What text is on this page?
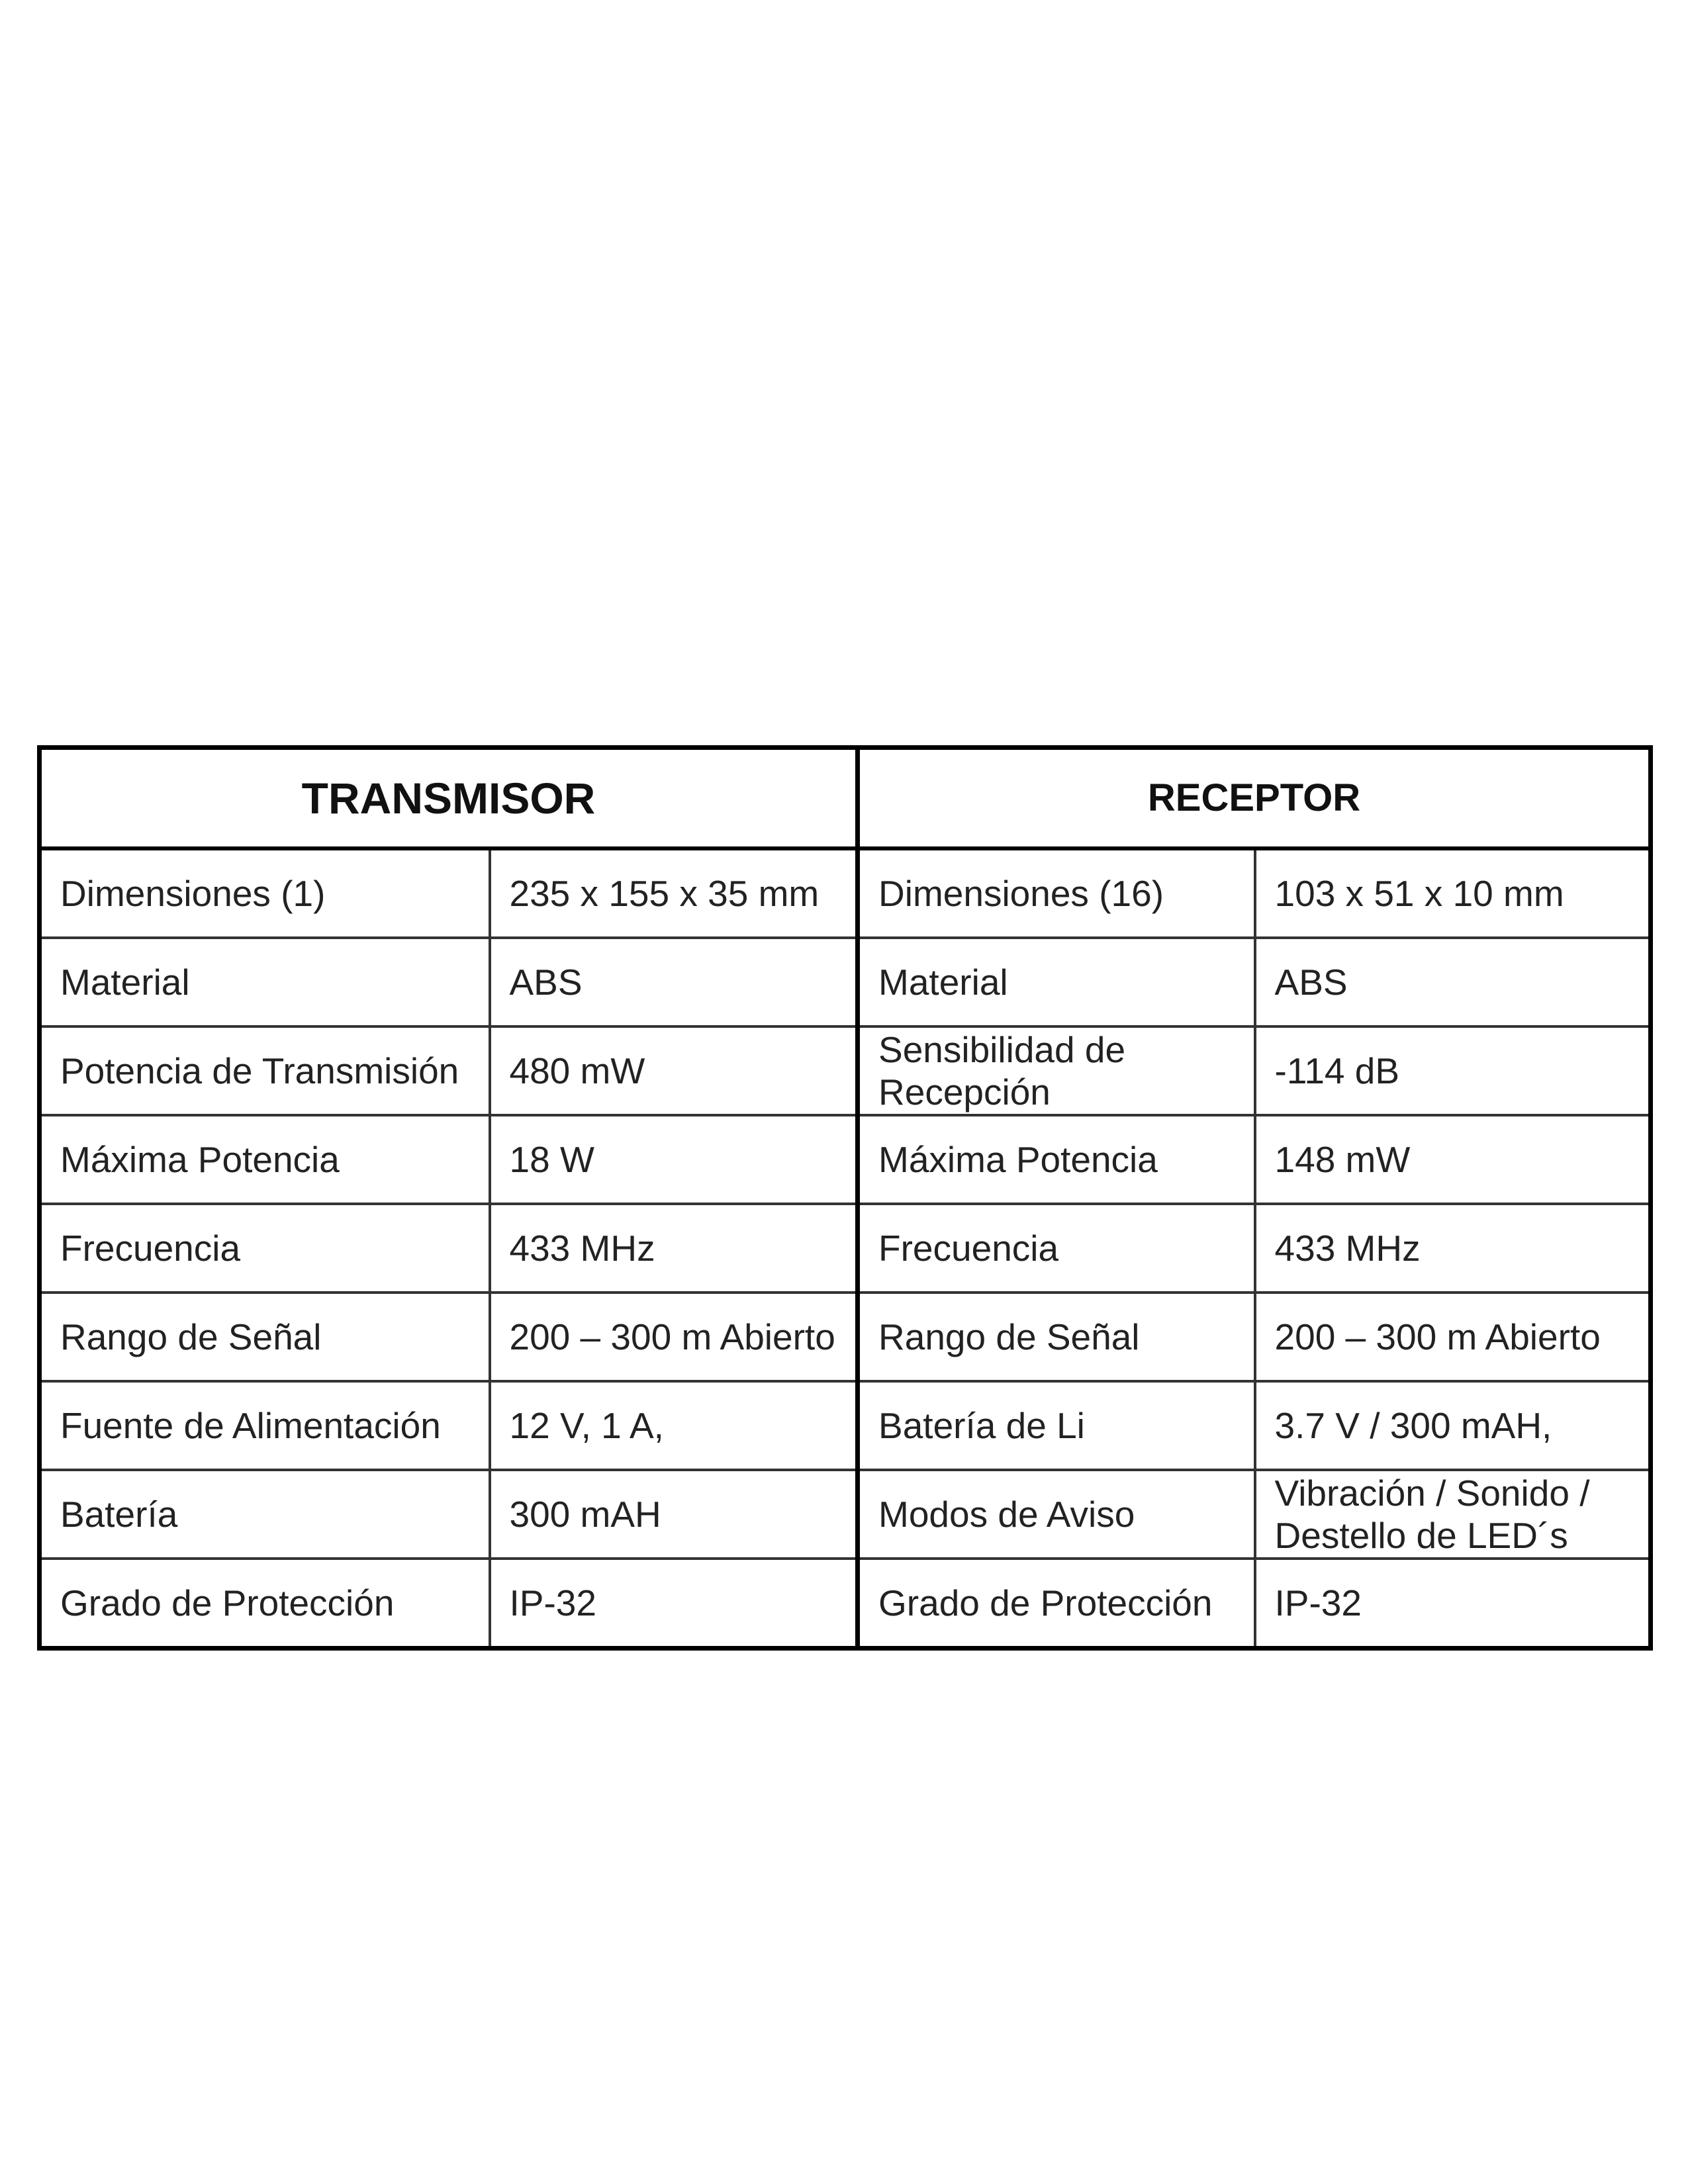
TRANSMISOR		RECEPTOR	
Dimensiones (1)	235 x 155 x 35 mm	Dimensiones (16)	103 x 51 x 10 mm
Material	ABS	Material	ABS
Potencia de Transmisión	480 mW	Sensibilidad de Recepción	-114 dB
Máxima Potencia	18 W	Máxima Potencia	148 mW
Frecuencia	433 MHz	Frecuencia	433 MHz
Rango de Señal	200 – 300 m Abierto	Rango de Señal	200 – 300 m Abierto
Fuente de Alimentación	12 V, 1 A,	Batería de Li	3.7 V / 300 mAH,
Batería	300 mAH	Modos de Aviso	Vibración / Sonido / Destello de LED´s
Grado de Protección	IP-32	Grado de Protección	IP-32
